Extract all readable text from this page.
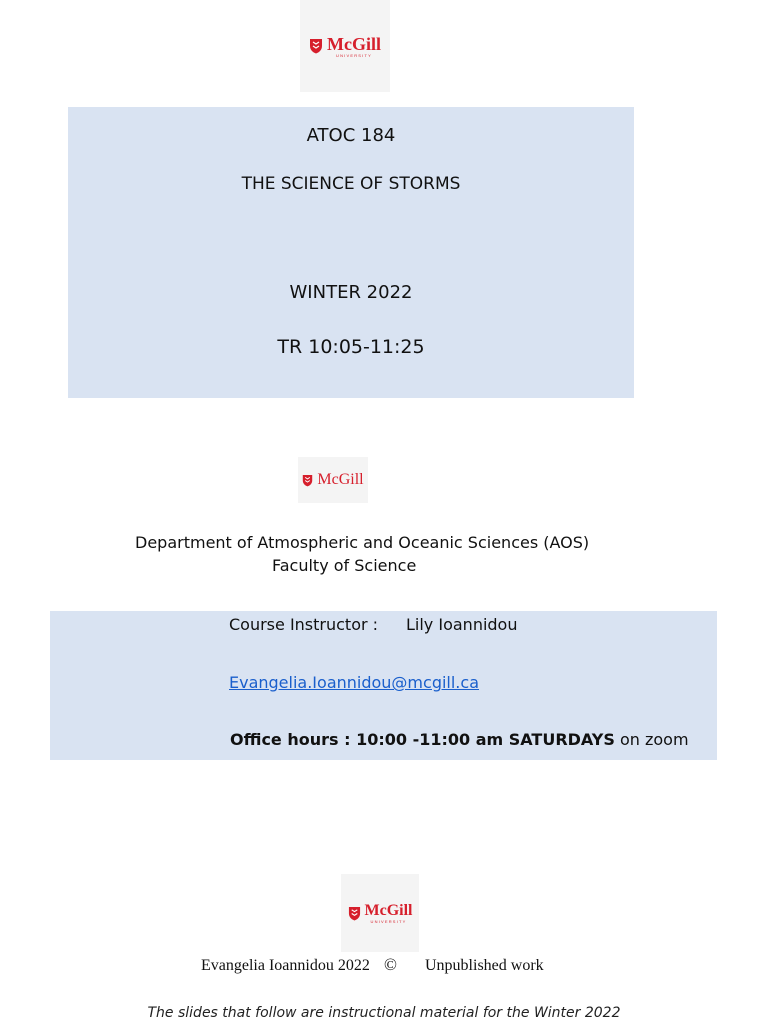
McGill
UNIVERSITY
ATOC 184
THE SCIENCE OF STORMS
WINTER 2022
TR 10:05-11:25
McGill
Department of Atmospheric and Oceanic Sciences (AOS)
Faculty of Science
Course Instructor : Lily Ioannidou
Evangelia.Ioannidou@mcgill.ca
Office hours : 10:00 -11:00 am SATURDAYS on zoom
McGill
UNIVERSITY
Evangelia Ioannidou 2022 © Unpublished work
The slides that follow are instructional material for the Winter 2022
